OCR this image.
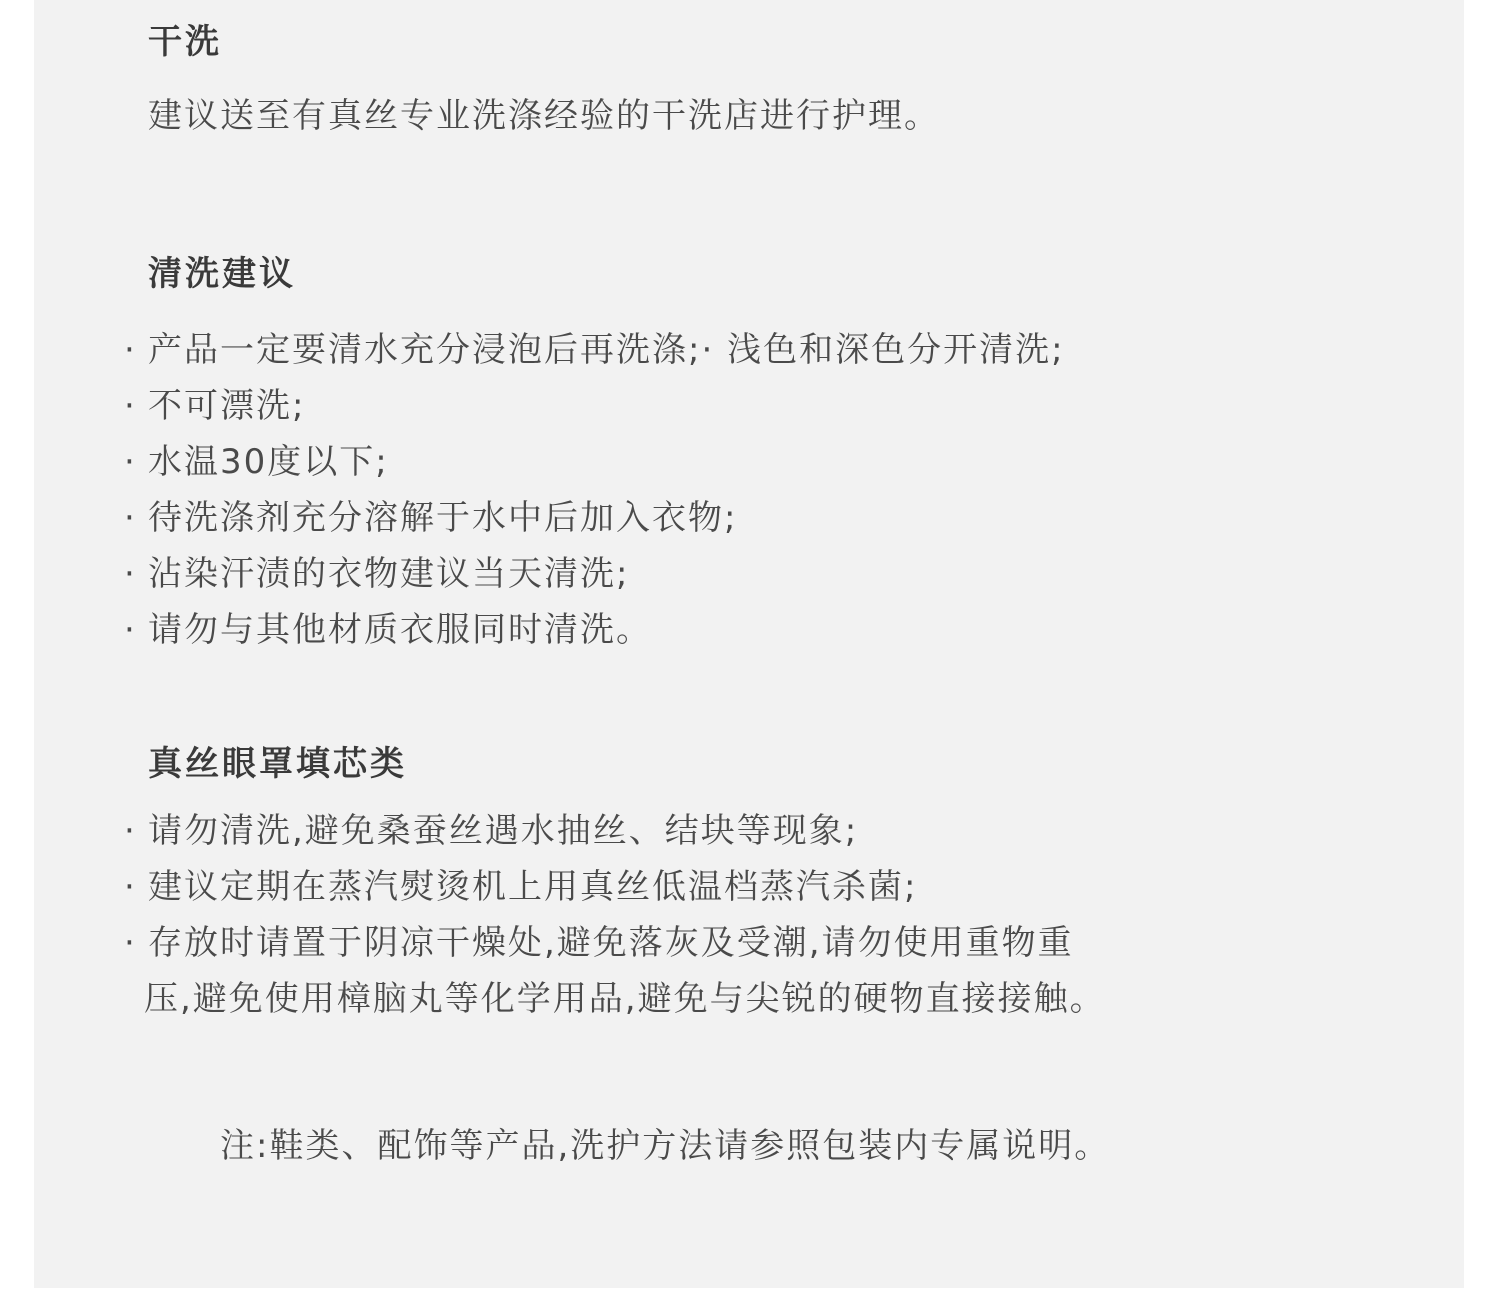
干洗
建议送至有真丝专业洗涤经验的干洗店进行护理。
清洗建议
· 产品一定要清水充分浸泡后再洗涤;· 浅色和深色分开清洗;
· 不可漂洗;
· 水温30度以下;
· 待洗涤剂充分溶解于水中后加入衣物;
· 沾染汗渍的衣物建议当天清洗;
· 请勿与其他材质衣服同时清洗。
真丝眼罩填芯类
· 请勿清洗,避免桑蚕丝遇水抽丝、结块等现象;
· 建议定期在蒸汽熨烫机上用真丝低温档蒸汽杀菌;
· 存放时请置于阴凉干燥处,避免落灰及受潮,请勿使用重物重
压,避免使用樟脑丸等化学用品,避免与尖锐的硬物直接接触。
注:鞋类、配饰等产品,洗护方法请参照包装内专属说明。
